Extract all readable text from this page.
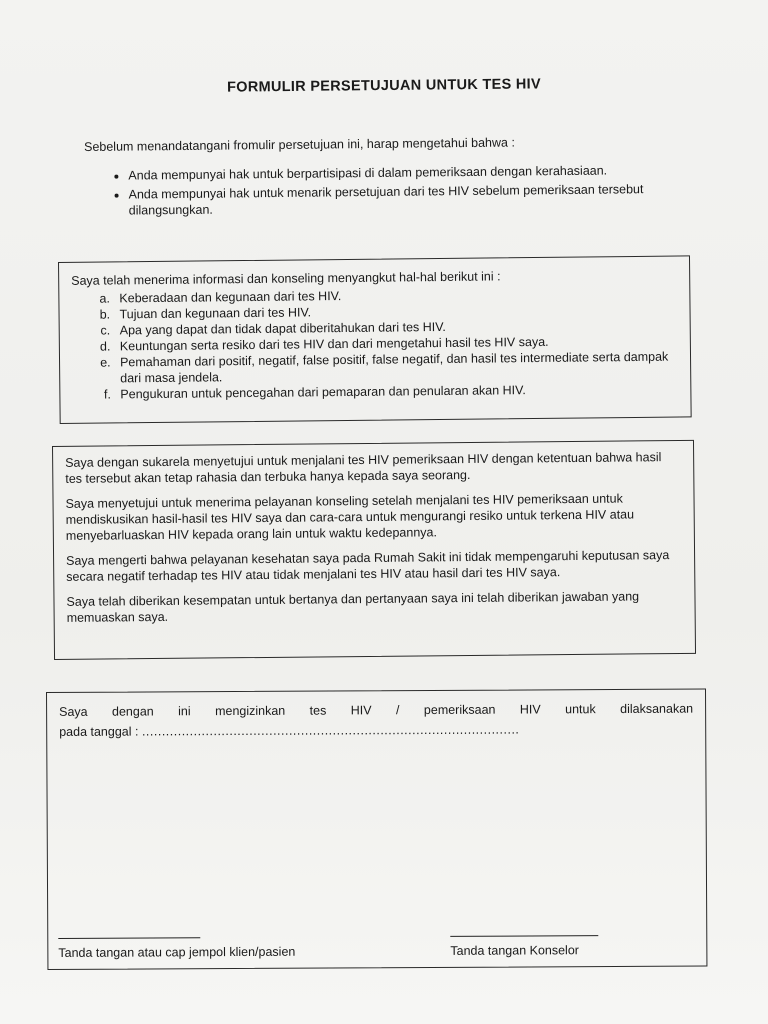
FORMULIR PERSETUJUAN UNTUK TES HIV
Sebelum menandatangani fromulir persetujuan ini, harap mengetahui bahwa :
• Anda mempunyai hak untuk berpartisipasi di dalam pemeriksaan dengan kerahasiaan.
• Anda mempunyai hak untuk menarik persetujuan dari tes HIV sebelum pemeriksaan tersebut dilangsungkan.
Saya telah menerima informasi dan konseling menyangkut hal-hal berikut ini :
a. Keberadaan dan kegunaan dari tes HIV.
b. Tujuan dan kegunaan dari tes HIV.
c. Apa yang dapat dan tidak dapat diberitahukan dari tes HIV.
d. Keuntungan serta resiko dari tes HIV dan dari mengetahui hasil tes HIV saya.
e. Pemahaman dari positif, negatif, false positif, false negatif, dan hasil tes intermediate serta dampak dari masa jendela.
f. Pengukuran untuk pencegahan dari pemaparan dan penularan akan HIV.

Saya dengan sukarela menyetujui untuk menjalani tes HIV pemeriksaan HIV dengan ketentuan bahwa hasil tes tersebut akan tetap rahasia dan terbuka hanya kepada saya seorang.

Saya menyetujui untuk menerima pelayanan konseling setelah menjalani tes HIV pemeriksaan untuk mendiskusikan hasil-hasil tes HIV saya dan cara-cara untuk mengurangi resiko untuk terkena HIV atau menyebarluaskan HIV kepada orang lain untuk waktu kedepannya.

Saya mengerti bahwa pelayanan kesehatan saya pada Rumah Sakit ini tidak mempengaruhi keputusan saya secara negatif terhadap tes HIV atau tidak menjalani tes HIV atau hasil dari tes HIV saya.

Saya telah diberikan kesempatan untuk bertanya dan pertanyaan saya ini telah diberikan jawaban yang memuaskan saya.

Saya dengan ini mengizinkan tes HIV / pemeriksaan HIV untuk dilaksanakan

pada tanggal : ...............................................................................................

Tanda tangan atau cap jempol klien/pasien	Tanda tangan Konselor
